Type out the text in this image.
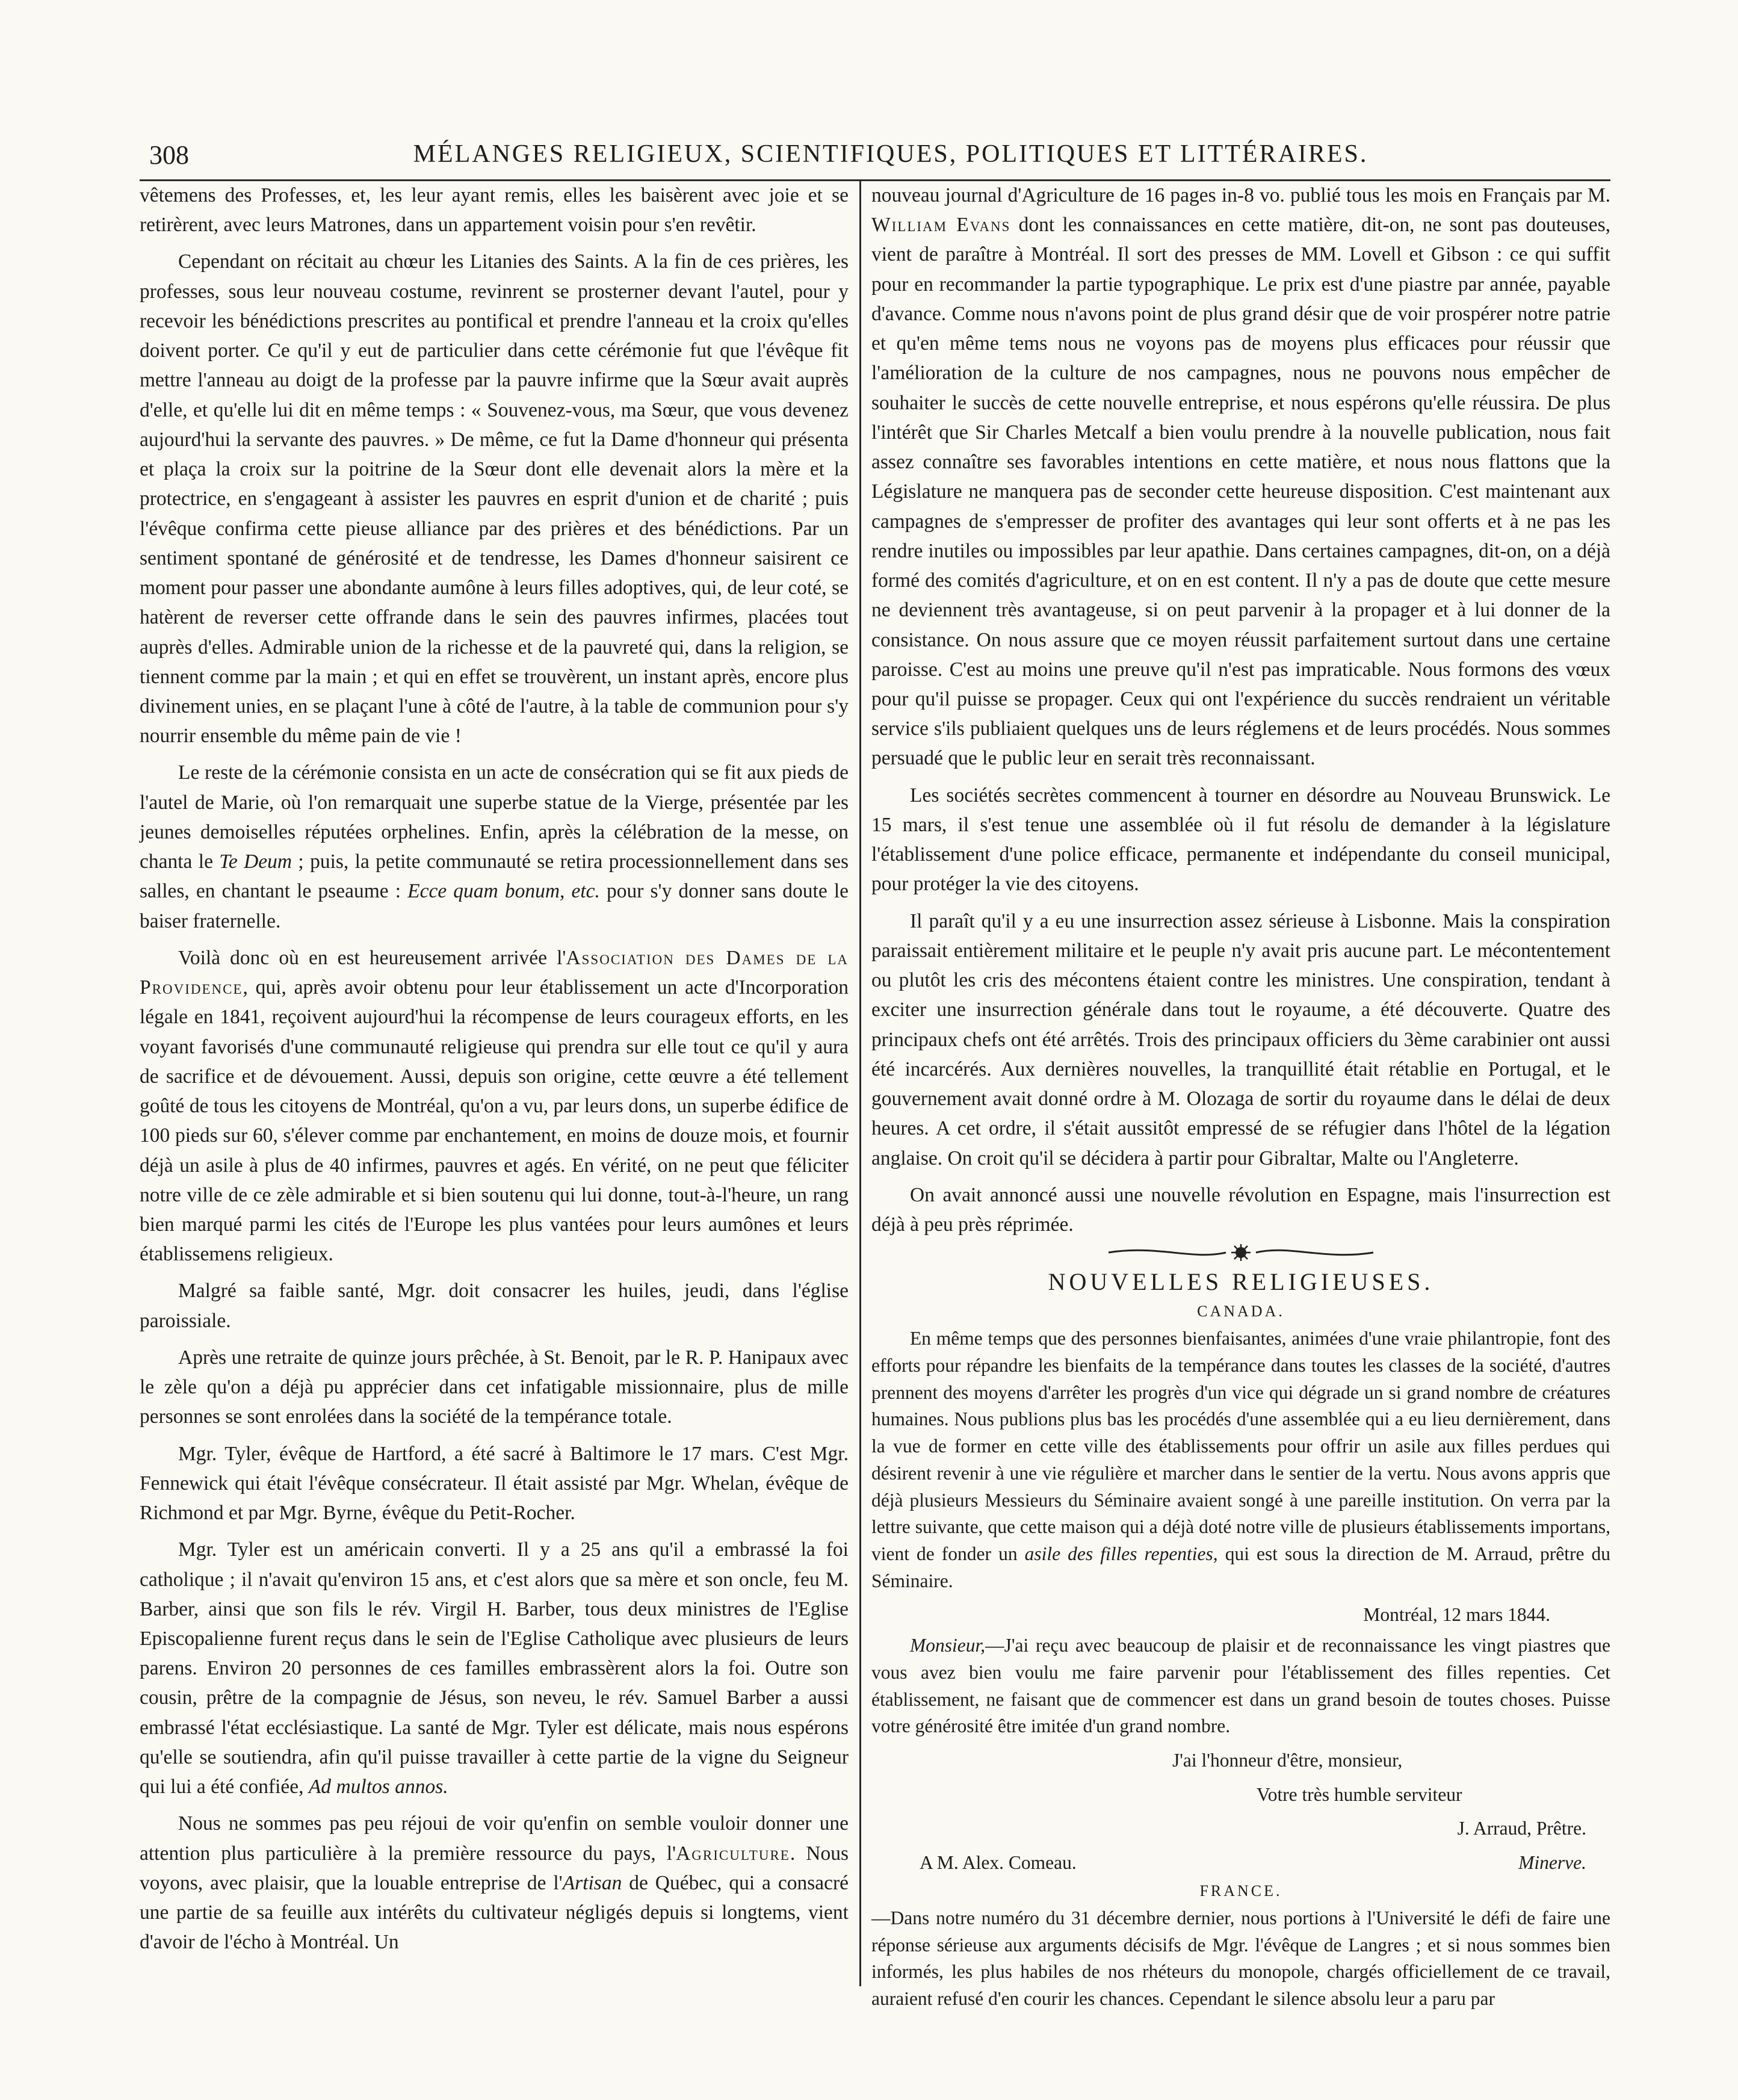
308	MÉLANGES RELIGIEUX, SCIENTIFIQUES, POLITIQUES ET LITTÉRAIRES.

vêtemens des Professes, et, les leur ayant remis, elles les baisèrent avec joie et se retirèrent, avec leurs Matrones, dans un appartement voisin pour s'en revêtir.

Cependant on récitait au chœur les Litanies des Saints. A la fin de ces prières, les professes, sous leur nouveau costume, revinrent se prosterner devant l'autel, pour y recevoir les bénédictions prescrites au pontifical et prendre l'anneau et la croix qu'elles doivent porter. Ce qu'il y eut de particulier dans cette cérémonie fut que l'évêque fit mettre l'anneau au doigt de la professe par la pauvre infirme que la Sœur avait auprès d'elle, et qu'elle lui dit en même temps : « Souvenez-vous, ma Sœur, que vous devenez aujourd'hui la servante des pauvres. » De même, ce fut la Dame d'honneur qui présenta et plaça la croix sur la poitrine de la Sœur dont elle devenait alors la mère et la protectrice, en s'engageant à assister les pauvres en esprit d'union et de charité ; puis l'évêque confirma cette pieuse alliance par des prières et des bénédictions. Par un sentiment spontané de générosité et de tendresse, les Dames d'honneur saisirent ce moment pour passer une abondante aumône à leurs filles adoptives, qui, de leur coté, se hatèrent de reverser cette offrande dans le sein des pauvres infirmes, placées tout auprès d'elles. Admirable union de la richesse et de la pauvreté qui, dans la religion, se tiennent comme par la main ; et qui en effet se trouvèrent, un instant après, encore plus divinement unies, en se plaçant l'une à côté de l'autre, à la table de communion pour s'y nourrir ensemble du même pain de vie !

Le reste de la cérémonie consista en un acte de consécration qui se fit aux pieds de l'autel de Marie, où l'on remarquait une superbe statue de la Vierge, présentée par les jeunes demoiselles réputées orphelines. Enfin, après la célébration de la messe, on chanta le Te Deum ; puis, la petite communauté se retira processionnellement dans ses salles, en chantant le pseaume : Ecce quam bonum, etc. pour s'y donner sans doute le baiser fraternelle.

Voilà donc où en est heureusement arrivée l'Association des Dames de la Providence, qui, après avoir obtenu pour leur établissement un acte d'Incorporation légale en 1841, reçoivent aujourd'hui la récompense de leurs courageux efforts, en les voyant favorisés d'une communauté religieuse qui prendra sur elle tout ce qu'il y aura de sacrifice et de dévouement. Aussi, depuis son origine, cette œuvre a été tellement goûté de tous les citoyens de Montréal, qu'on a vu, par leurs dons, un superbe édifice de 100 pieds sur 60, s'élever comme par enchantement, en moins de douze mois, et fournir déjà un asile à plus de 40 infirmes, pauvres et agés. En vérité, on ne peut que féliciter notre ville de ce zèle admirable et si bien soutenu qui lui donne, tout-à-l'heure, un rang bien marqué parmi les cités de l'Europe les plus vantées pour leurs aumônes et leurs établissemens religieux.

Malgré sa faible santé, Mgr. doit consacrer les huiles, jeudi, dans l'église paroissiale.

Après une retraite de quinze jours prêchée, à St. Benoit, par le R. P. Hanipaux avec le zèle qu'on a déjà pu apprécier dans cet infatigable missionnaire, plus de mille personnes se sont enrolées dans la société de la tempérance totale.

Mgr. Tyler, évêque de Hartford, a été sacré à Baltimore le 17 mars. C'est Mgr. Fennewick qui était l'évêque consécrateur. Il était assisté par Mgr. Whelan, évêque de Richmond et par Mgr. Byrne, évêque du Petit-Rocher.

Mgr. Tyler est un américain converti. Il y a 25 ans qu'il a embrassé la foi catholique ; il n'avait qu'environ 15 ans, et c'est alors que sa mère et son oncle, feu M. Barber, ainsi que son fils le rév. Virgil H. Barber, tous deux ministres de l'Eglise Episcopalienne furent reçus dans le sein de l'Eglise Catholique avec plusieurs de leurs parens. Environ 20 personnes de ces familles embrassèrent alors la foi. Outre son cousin, prêtre de la compagnie de Jésus, son neveu, le rév. Samuel Barber a aussi embrassé l'état ecclésiastique. La santé de Mgr. Tyler est délicate, mais nous espérons qu'elle se soutiendra, afin qu'il puisse travailler à cette partie de la vigne du Seigneur qui lui a été confiée, Ad multos annos.

Nous ne sommes pas peu réjoui de voir qu'enfin on semble vouloir donner une attention plus particulière à la première ressource du pays, l'Agriculture. Nous voyons, avec plaisir, que la louable entreprise de l'Artisan de Québec, qui a consacré une partie de sa feuille aux intérêts du cultivateur négligés depuis si longtems, vient d'avoir de l'écho à Montréal. Un

nouveau journal d'Agriculture de 16 pages in-8 vo. publié tous les mois en Français par M. William Evans dont les connaissances en cette matière, dit-on, ne sont pas douteuses, vient de paraître à Montréal. Il sort des presses de MM. Lovell et Gibson : ce qui suffit pour en recommander la partie typographique. Le prix est d'une piastre par année, payable d'avance. Comme nous n'avons point de plus grand désir que de voir prospérer notre patrie et qu'en même tems nous ne voyons pas de moyens plus efficaces pour réussir que l'amélioration de la culture de nos campagnes, nous ne pouvons nous empêcher de souhaiter le succès de cette nouvelle entreprise, et nous espérons qu'elle réussira. De plus l'intérêt que Sir Charles Metcalf a bien voulu prendre à la nouvelle publication, nous fait assez connaître ses favorables intentions en cette matière, et nous nous flattons que la Législature ne manquera pas de seconder cette heureuse disposition. C'est maintenant aux campagnes de s'empresser de profiter des avantages qui leur sont offerts et à ne pas les rendre inutiles ou impossibles par leur apathie. Dans certaines campagnes, dit-on, on a déjà formé des comités d'agriculture, et on en est content. Il n'y a pas de doute que cette mesure ne deviennent très avantageuse, si on peut parvenir à la propager et à lui donner de la consistance. On nous assure que ce moyen réussit parfaitement surtout dans une certaine paroisse. C'est au moins une preuve qu'il n'est pas impraticable. Nous formons des vœux pour qu'il puisse se propager. Ceux qui ont l'expérience du succès rendraient un véritable service s'ils publiaient quelques uns de leurs réglemens et de leurs procédés. Nous sommes persuadé que le public leur en serait très reconnaissant.

Les sociétés secrètes commencent à tourner en désordre au Nouveau Brunswick. Le 15 mars, il s'est tenue une assemblée où il fut résolu de demander à la législature l'établissement d'une police efficace, permanente et indépendante du conseil municipal, pour protéger la vie des citoyens.

Il paraît qu'il y a eu une insurrection assez sérieuse à Lisbonne. Mais la conspiration paraissait entièrement militaire et le peuple n'y avait pris aucune part. Le mécontentement ou plutôt les cris des mécontens étaient contre les ministres. Une conspiration, tendant à exciter une insurrection générale dans tout le royaume, a été découverte. Quatre des principaux chefs ont été arrêtés. Trois des principaux officiers du 3ème carabinier ont aussi été incarcérés. Aux dernières nouvelles, la tranquillité était rétablie en Portugal, et le gouvernement avait donné ordre à M. Olozaga de sortir du royaume dans le délai de deux heures. A cet ordre, il s'était aussitôt empressé de se réfugier dans l'hôtel de la légation anglaise. On croit qu'il se décidera à partir pour Gibraltar, Malte ou l'Angleterre.

On avait annoncé aussi une nouvelle révolution en Espagne, mais l'insurrection est déjà à peu près réprimée.

NOUVELLES RELIGIEUSES.
CANADA.

En même temps que des personnes bienfaisantes, animées d'une vraie philantropie, font des efforts pour répandre les bienfaits de la tempérance dans toutes les classes de la société, d'autres prennent des moyens d'arrêter les progrès d'un vice qui dégrade un si grand nombre de créatures humaines. Nous publions plus bas les procédés d'une assemblée qui a eu lieu dernièrement, dans la vue de former en cette ville des établissements pour offrir un asile aux filles perdues qui désirent revenir à une vie régulière et marcher dans le sentier de la vertu. Nous avons appris que déjà plusieurs Messieurs du Séminaire avaient songé à une pareille institution. On verra par la lettre suivante, que cette maison qui a déjà doté notre ville de plusieurs établissements importans, vient de fonder un asile des filles repenties, qui est sous la direction de M. Arraud, prêtre du Séminaire.

Montréal, 12 mars 1844.

Monsieur,—J'ai reçu avec beaucoup de plaisir et de reconnaissance les vingt piastres que vous avez bien voulu me faire parvenir pour l'établissement des filles repenties. Cet établissement, ne faisant que de commencer est dans un grand besoin de toutes choses. Puisse votre générosité être imitée d'un grand nombre.

J'ai l'honneur d'être, monsieur,

Votre très humble serviteur

J. Arraud, Prêtre.

A M. Alex. Comeau.	Minerve.
FRANCE.

—Dans notre numéro du 31 décembre dernier, nous portions à l'Université le défi de faire une réponse sérieuse aux arguments décisifs de Mgr. l'évêque de Langres ; et si nous sommes bien informés, les plus habiles de nos rhéteurs du monopole, chargés officiellement de ce travail, auraient refusé d'en courir les chances. Cependant le silence absolu leur a paru par
